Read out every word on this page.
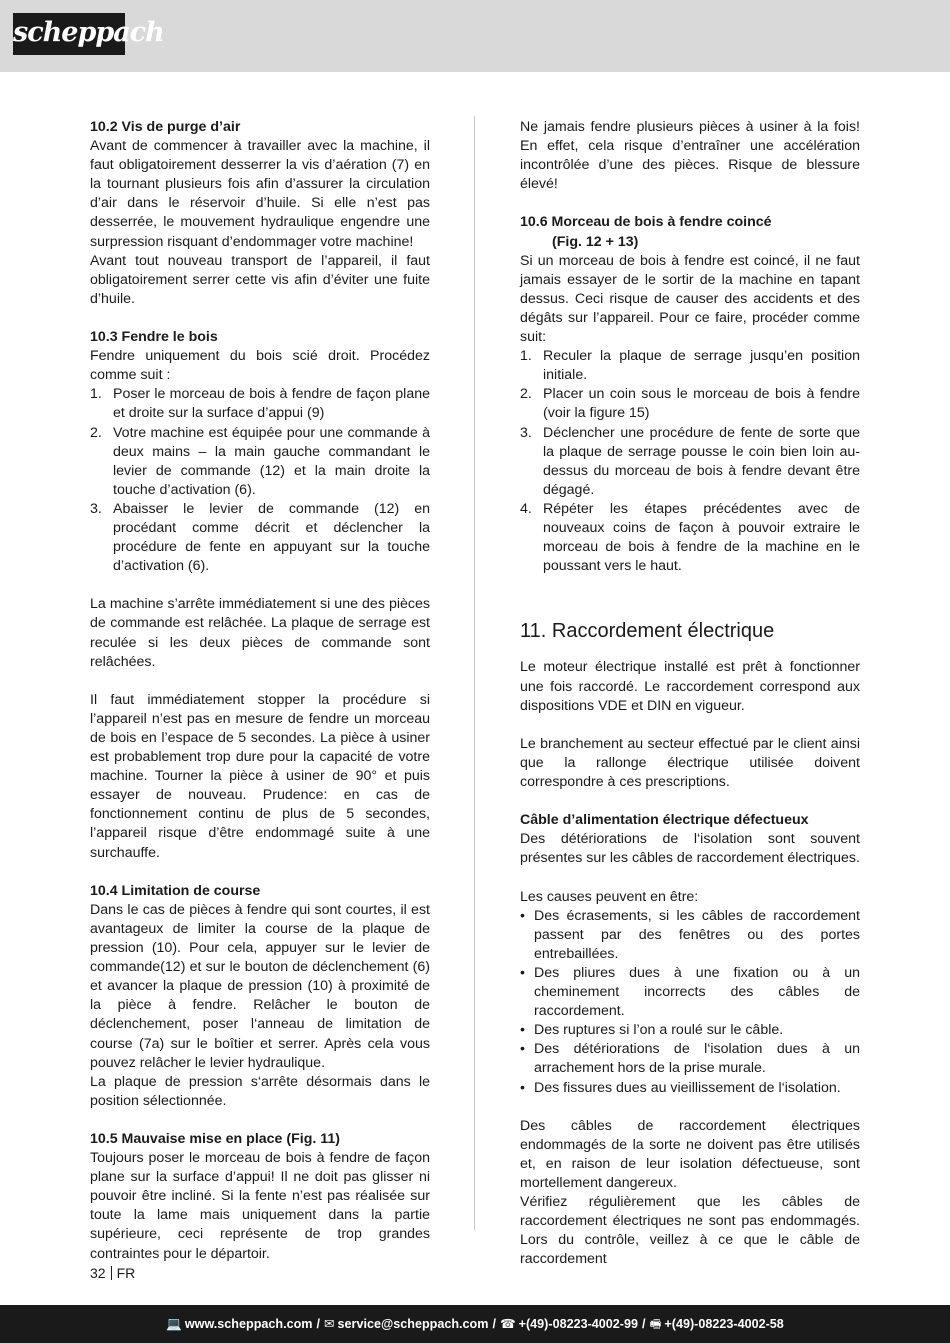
scheppach
10.2 Vis de purge d’air

Avant de commencer à travailler avec la machine, il faut obligatoirement desserrer la vis d’aération (7) en la tournant plusieurs fois afin d’assurer la circulation d’air dans le réservoir d’huile. Si elle n’est pas desserrée, le mouvement hydraulique engendre une surpression risquant d’endommager votre machine!

Avant tout nouveau transport de l’appareil, il faut obligatoirement serrer cette vis afin d’éviter une fuite d’huile.

10.3 Fendre le bois

Fendre uniquement du bois scié droit. Procédez comme suit :

1. Poser le morceau de bois à fendre de façon plane et droite sur la surface d’appui (9)
2. Votre machine est équipée pour une commande à deux mains – la main gauche commandant le levier de commande (12) et la main droite la touche d’activation (6).
3. Abaisser le levier de commande (12) en procédant comme décrit et déclencher la procédure de fente en appuyant sur la touche d’activation (6).

La machine s’arrête immédiatement si une des pièces de commande est relâchée. La plaque de serrage est reculée si les deux pièces de commande sont relâchées.

Il faut immédiatement stopper la procédure si l’appareil n’est pas en mesure de fendre un morceau de bois en l’espace de 5 secondes. La pièce à usiner est probablement trop dure pour la capacité de votre machine. Tourner la pièce à usiner de 90° et puis essayer de nouveau. Prudence: en cas de fonctionnement continu de plus de 5 secondes, l’appareil risque d’être endommagé suite à une surchauffe.

10.4 Limitation de course

Dans le cas de pièces à fendre qui sont courtes, il est avantageux de limiter la course de la plaque de pression (10). Pour cela, appuyer sur le levier de commande(12) et sur le bouton de déclenchement (6) et avancer la plaque de pression (10) à proximité de la pièce à fendre. Relâcher le bouton de déclenchement, poser l‘anneau de limitation de course (7a) sur le boîtier et serrer. Après cela vous pouvez relâcher le levier hydraulique.

La plaque de pression s‘arrête désormais dans le position sélectionnée.

10.5 Mauvaise mise en place (Fig. 11)

Toujours poser le morceau de bois à fendre de façon plane sur la surface d’appui! Il ne doit pas glisser ni pouvoir être incliné. Si la fente n’est pas réalisée sur toute la lame mais uniquement dans la partie supérieure, ceci représente de trop grandes contraintes pour le départoir.

Ne jamais fendre plusieurs pièces à usiner à la fois! En effet, cela risque d’entraîner une accélération incontrôlée d’une des pièces. Risque de blessure élevé!

10.6 Morceau de bois à fendre coincé
(Fig. 12 + 13)

Si un morceau de bois à fendre est coincé, il ne faut jamais essayer de le sortir de la machine en tapant dessus. Ceci risque de causer des accidents et des dégâts sur l’appareil. Pour ce faire, procéder comme suit:

1. Reculer la plaque de serrage jusqu’en position initiale.
2. Placer un coin sous le morceau de bois à fendre (voir la figure 15)
3. Déclencher une procédure de fente de sorte que la plaque de serrage pousse le coin bien loin au-dessus du morceau de bois à fendre devant être dégagé.
4. Répéter les étapes précédentes avec de nouveaux coins de façon à pouvoir extraire le morceau de bois à fendre de la machine en le poussant vers le haut.
11. Raccordement électrique

Le moteur électrique installé est prêt à fonctionner une fois raccordé. Le raccordement correspond aux dispositions VDE et DIN en vigueur.

Le branchement au secteur effectué par le client ainsi que la rallonge électrique utilisée doivent correspondre à ces prescriptions.

Câble d’alimentation électrique défectueux

Des détériorations de l‘isolation sont souvent présentes sur les câbles de raccordement électriques.

Les causes peuvent en être:

• Des écrasements, si les câbles de raccordement passent par des fenêtres ou des portes entrebaillées.
• Des pliures dues à une fixation ou à un cheminement incorrects des câbles de raccordement.
• Des ruptures si l’on a roulé sur le câble.
• Des détériorations de l‘isolation dues à un arrachement hors de la prise murale.
• Des fissures dues au vieillissement de l‘isolation.

Des câbles de raccordement électriques endommagés de la sorte ne doivent pas être utilisés et, en raison de leur isolation défectueuse, sont mortellement dangereux.

Vérifiez régulièrement que les câbles de raccordement électriques ne sont pas endommagés. Lors du contrôle, veillez à ce que le câble de raccordement

32 FR
💻 www.scheppach.com / ✉ service@scheppach.com / ☎ +(49)-08223-4002-99 / 🖷 +(49)-08223-4002-58
